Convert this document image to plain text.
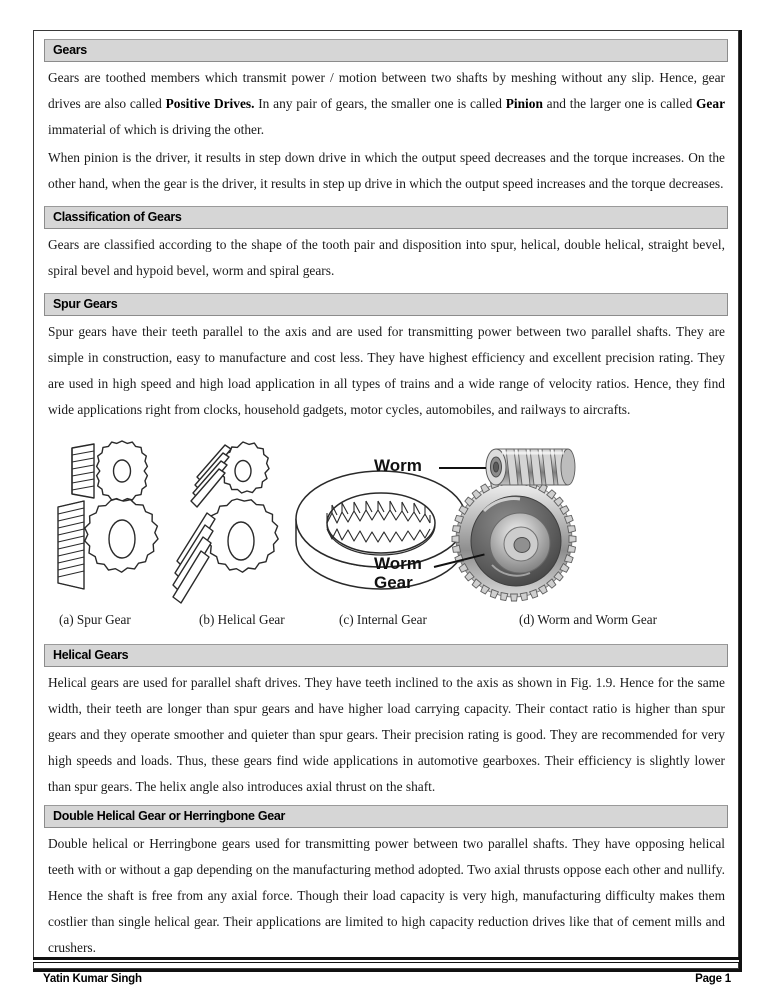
Gears

Gears are toothed members which transmit power / motion between two shafts by meshing without any slip. Hence, gear drives are also called Positive Drives. In any pair of gears, the smaller one is called Pinion and the larger one is called Gear immaterial of which is driving the other.

When pinion is the driver, it results in step down drive in which the output speed decreases and the torque increases. On the other hand, when the gear is the driver, it results in step up drive in which the output speed increases and the torque decreases.

Classification of Gears

Gears are classified according to the shape of the tooth pair and disposition into spur, helical, double helical, straight bevel, spiral bevel and hypoid bevel, worm and spiral gears.

Spur Gears

Spur gears have their teeth parallel to the axis and are used for transmitting power between two parallel shafts. They are simple in construction, easy to manufacture and cost less. They have highest efficiency and excellent precision rating. They are used in high speed and high load application in all types of trains and a wide range of velocity ratios. Hence, they find wide applications right from clocks, household gadgets, motor cycles, automobiles, and railways to aircrafts.

Worm
Worm
Gear
(a) Spur Gear	(b) Helical Gear	(c) Internal Gear	(d) Worm and Worm Gear
Helical Gears

Helical gears are used for parallel shaft drives. They have teeth inclined to the axis as shown in Fig. 1.9. Hence for the same width, their teeth are longer than spur gears and have higher load carrying capacity. Their contact ratio is higher than spur gears and they operate smoother and quieter than spur gears. Their precision rating is good. They are recommended for very high speeds and loads. Thus, these gears find wide applications in automotive gearboxes. Their efficiency is slightly lower than spur gears. The helix angle also introduces axial thrust on the shaft.

Double Helical Gear or Herringbone Gear

Double helical or Herringbone gears used for transmitting power between two parallel shafts. They have opposing helical teeth with or without a gap depending on the manufacturing method adopted. Two axial thrusts oppose each other and nullify. Hence the shaft is free from any axial force. Though their load capacity is very high, manufacturing difficulty makes them costlier than single helical gear. Their applications are limited to high capacity reduction drives like that of cement mills and crushers.

Yatin Kumar Singh	Page 1
